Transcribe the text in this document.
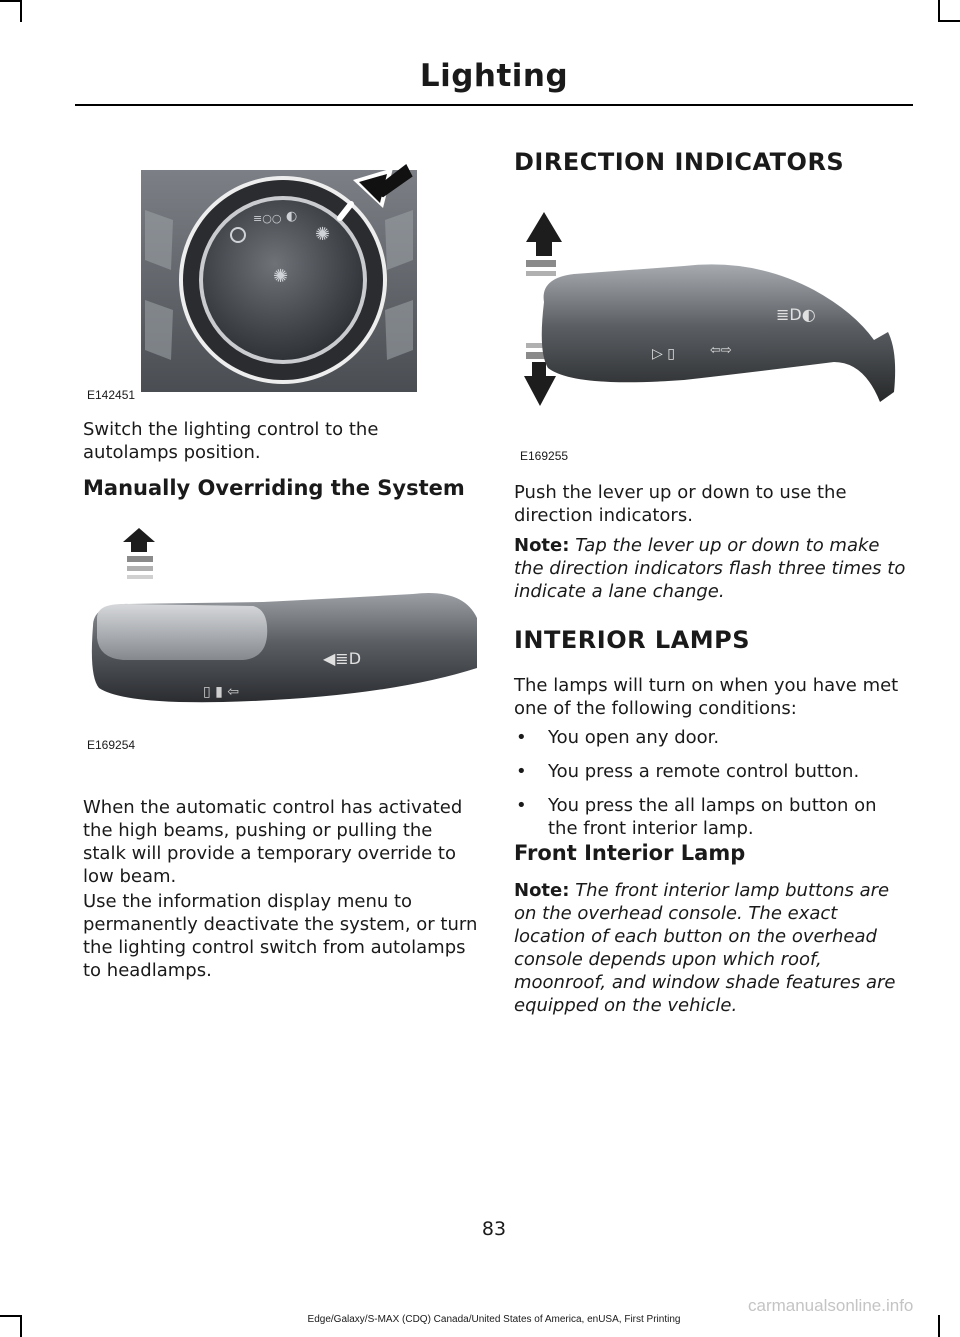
Lighting
≡○○ ◐
✺
✺
E142451

Switch the lighting control to the autolamps position.

Manually Overriding the System

◀≣D
▯ ▮ ⇦
E169254

When the automatic control has activated the high beams, pushing or pulling the stalk will provide a temporary override to low beam.

Use the information display menu to permanently deactivate the system, or turn the lighting control switch from autolamps to headlamps.

DIRECTION INDICATORS

▷ ▯	⇦⇨
≣D◐
E169255

Push the lever up or down to use the direction indicators.

Note: Tap the lever up or down to make the direction indicators flash three times to indicate a lane change.

INTERIOR LAMPS

The lamps will turn on when you have met one of the following conditions:

• You open any door.
• You press a remote control button.
• You press the all lamps on button on the front interior lamp.

Front Interior Lamp

Note: The front interior lamp buttons are on the overhead console. The exact location of each button on the overhead console depends upon which roof, moonroof, and window shade features are equipped on the vehicle.

83
Edge/Galaxy/S-MAX (CDQ) Canada/United States of America, enUSA, First Printing
carmanualsonline.info
